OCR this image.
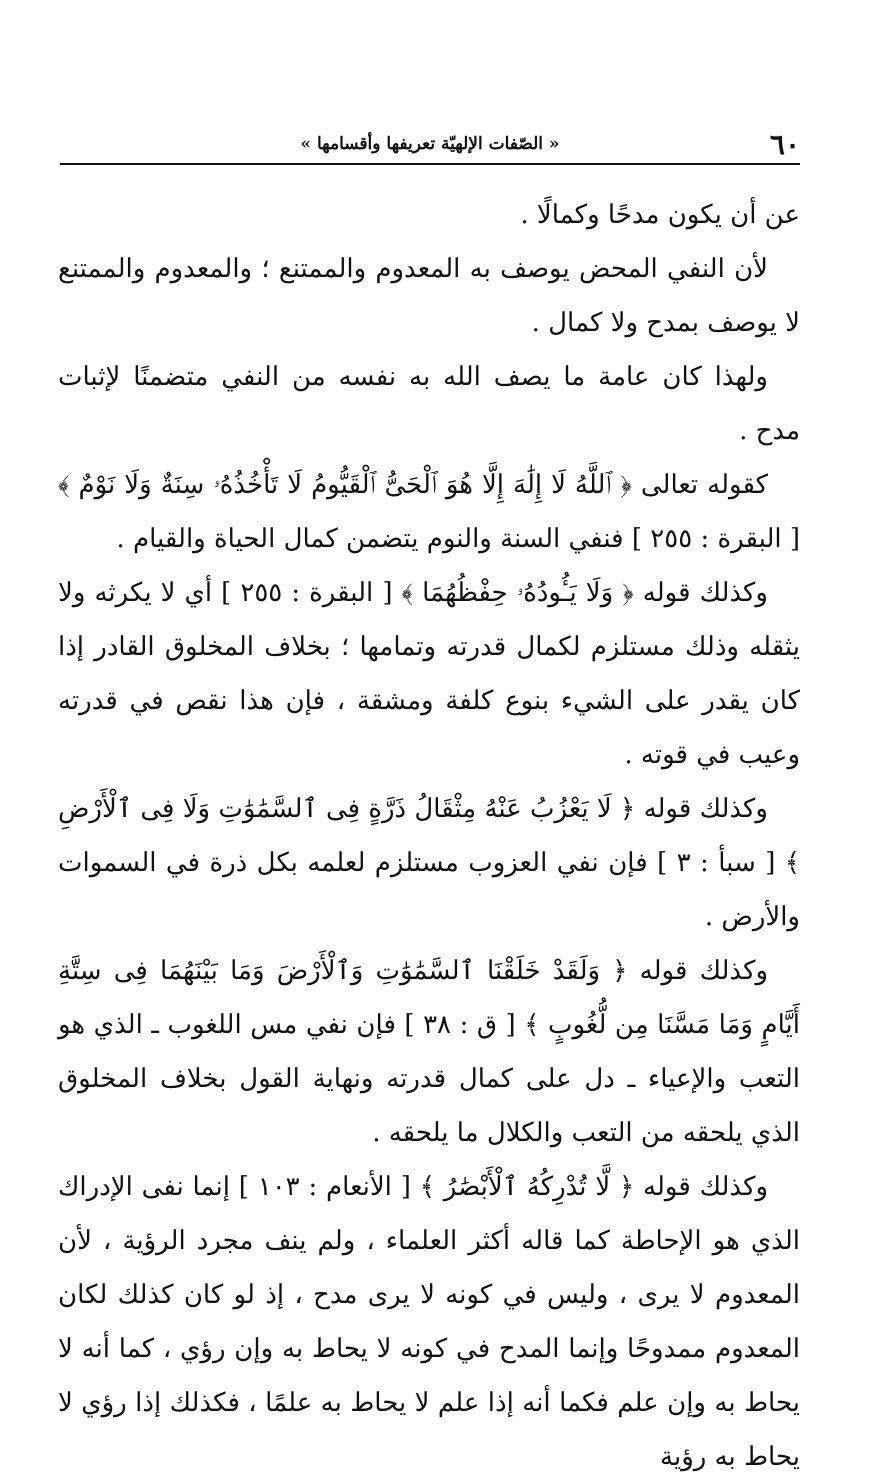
٦٠
« الصّفات الإلهيّة تعريفها وأقسامها »

عن أن يكون مدحًا وكمالًا .

لأن النفي المحض يوصف به المعدوم والممتنع ؛ والمعدوم والممتنع لا يوصف بمدح ولا كمال .

ولهذا كان عامة ما يصف الله به نفسه من النفي متضمنًا لإثبات مدح .

كقوله تعالى ﴿ ٱللَّهُ لَا إِلَٰهَ إِلَّا هُوَ ٱلْحَىُّ ٱلْقَيُّومُ لَا تَأْخُذُهُۥ سِنَةٌ وَلَا نَوْمٌ ﴾ [ البقرة : ٢٥٥ ] فنفي السنة والنوم يتضمن كمال الحياة والقيام .

وكذلك قوله ﴿ وَلَا يَـُٔودُهُۥ حِفْظُهُمَا ﴾ [ البقرة : ٢٥٥ ] أي لا يكرثه ولا يثقله وذلك مستلزم لكمال قدرته وتمامها ؛ بخلاف المخلوق القادر إذا كان يقدر على الشيء بنوع كلفة ومشقة ، فإن هذا نقص في قدرته وعيب في قوته .

وكذلك قوله ﴿ لَا يَعْزُبُ عَنْهُ مِثْقَالُ ذَرَّةٍ فِى ٱلسَّمَٰوَٰتِ وَلَا فِى ٱلْأَرْضِ ﴾ [ سبأ : ٣ ] فإن نفي العزوب مستلزم لعلمه بكل ذرة في السموات والأرض .

وكذلك قوله ﴿ وَلَقَدْ خَلَقْنَا ٱلسَّمَٰوَٰتِ وَٱلْأَرْضَ وَمَا بَيْنَهُمَا فِى سِتَّةِ أَيَّامٍ وَمَا مَسَّنَا مِن لُّغُوبٍ ﴾ [ ق : ٣٨ ] فإن نفي مس اللغوب ـ الذي هو التعب والإعياء ـ دل على كمال قدرته ونهاية القول بخلاف المخلوق الذي يلحقه من التعب والكلال ما يلحقه .

وكذلك قوله ﴿ لَّا تُدْرِكُهُ ٱلْأَبْصَٰرُ ﴾ [ الأنعام : ١٠٣ ] إنما نفى الإدراك الذي هو الإحاطة كما قاله أكثر العلماء ، ولم ينف مجرد الرؤية ، لأن المعدوم لا يرى ، وليس في كونه لا يرى مدح ، إذ لو كان كذلك لكان المعدوم ممدوحًا وإنما المدح في كونه لا يحاط به وإن رؤي ، كما أنه لا يحاط به وإن علم فكما أنه إذا علم لا يحاط به علمًا ، فكذلك إذا رؤي لا يحاط به رؤية
